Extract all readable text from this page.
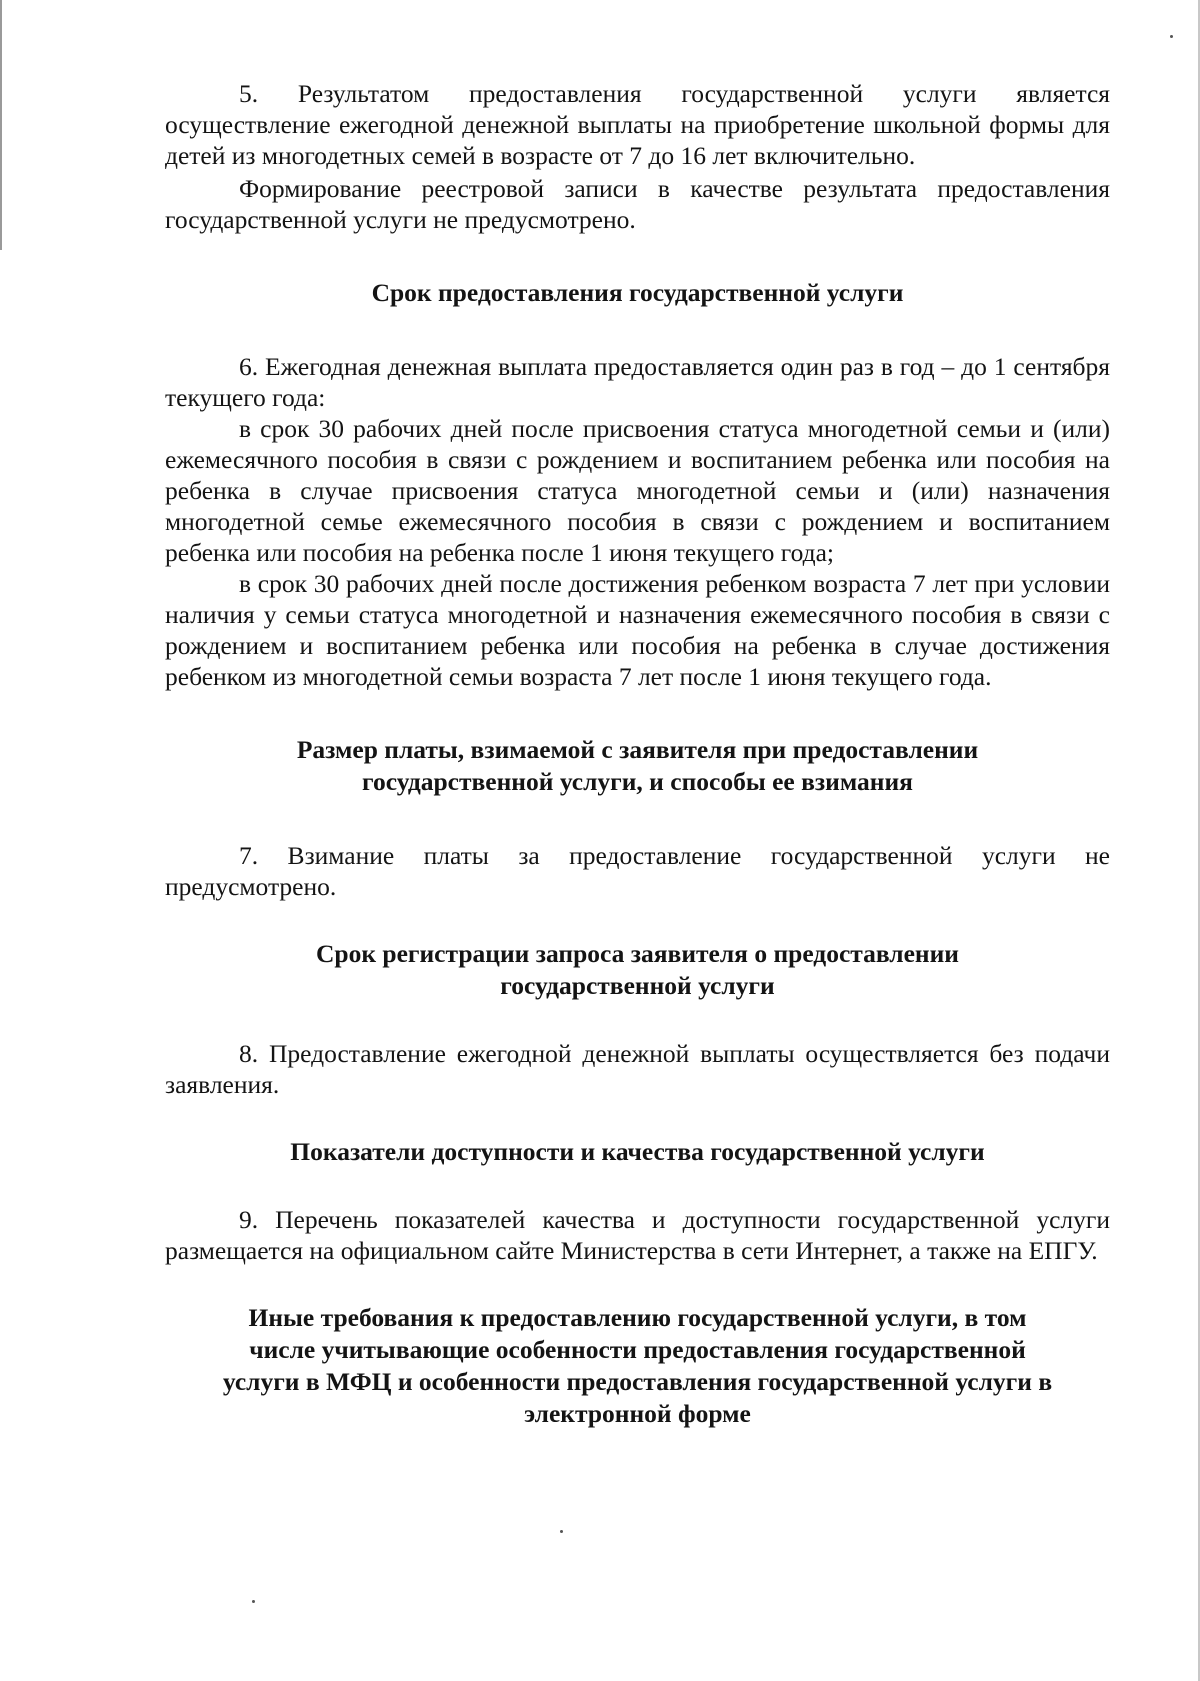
5. Результатом предоставления государственной услуги является осуществление ежегодной денежной выплаты на приобретение школьной формы для детей из многодетных семей в возрасте от 7 до 16 лет включительно.

Формирование реестровой записи в качестве результата предоставления государственной услуги не предусмотрено.

Срок предоставления государственной услуги

6. Ежегодная денежная выплата предоставляется один раз в год – до 1 сентября текущего года:

в срок 30 рабочих дней после присвоения статуса многодетной семьи и (или) ежемесячного пособия в связи с рождением и воспитанием ребенка или пособия на ребенка в случае присвоения статуса многодетной семьи и (или) назначения многодетной семье ежемесячного пособия в связи с рождением и воспитанием ребенка или пособия на ребенка после 1 июня текущего года;

в срок 30 рабочих дней после достижения ребенком возраста 7 лет при условии наличия у семьи статуса многодетной и назначения ежемесячного пособия в связи с рождением и воспитанием ребенка или пособия на ребенка в случае достижения ребенком из многодетной семьи возраста 7 лет после 1 июня текущего года.

Размер платы, взимаемой с заявителя при предоставлении

государственной услуги, и способы ее взимания

7. Взимание платы за предоставление государственной услуги не предусмотрено.

Срок регистрации запроса заявителя о предоставлении

государственной услуги

8. Предоставление ежегодной денежной выплаты осуществляется без подачи заявления.

Показатели доступности и качества государственной услуги

9. Перечень показателей качества и доступности государственной услуги размещается на официальном сайте Министерства в сети Интернет, а также на ЕПГУ.

Иные требования к предоставлению государственной услуги, в том

числе учитывающие особенности предоставления государственной

услуги в МФЦ и особенности предоставления государственной услуги в

электронной форме
